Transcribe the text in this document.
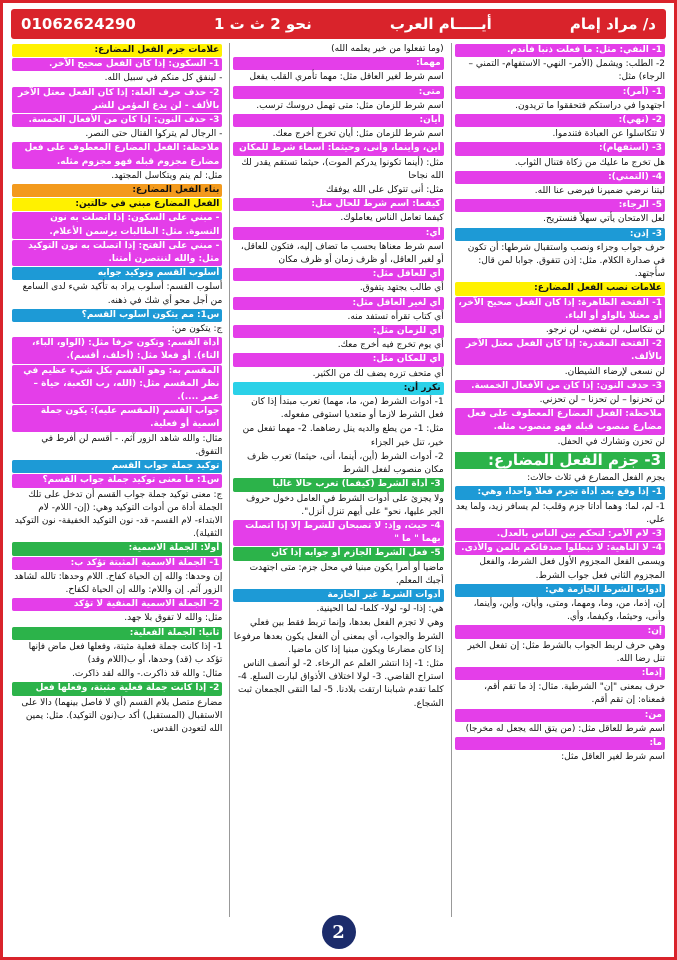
د/ مراد إمام
أيـــــام العرب
نحو 2 ث ت 1
01062624290
1- النفي: مثل: ما فعلت ذنبا فأندم.
2- الطلب: ويشمل (الأمر- النهي- الاستفهام- التمني – الرجاء) مثل:
1- (أمر):
اجتهدوا في دراستكم فتحققوا ما تريدون.
2- (نهي):
لا تتكاسلوا عن العبادة فتندموا.
3- (استفهام):
هل تخرج ما عليك من زكاة فتنال الثواب.
4- (التمني):
ليتنا نرضي ضميرنا فيرضى عنا الله.
5- الرجاء:
لعل الامتحان يأتي سهلاً فنستريح.
3- إذن:
حرف جواب وجزاء ونصب واستقبال شرطها: أن تكون في صدارة الكلام. مثل: إذن تتفوق. جوابا لمن قال: سأجتهد.
علامات نصب الفعل المضارع:
1- الفتحة الظاهرة: إذا كان الفعل صحيح الآخر، أو معتلا بالواو أو الياء.
لن نتكاسل، لن نقضي، لن نرجو.
2- الفتحة المقدرة: إذا كان الفعل معتل الآخر بالألف.
لن نسعى لإرضاء الشيطان.
3- حذف النون: إذا كان من الأفعال الخمسة.
لن تحزنوا – لن تحزنا – لن تحزني.
ملاحظة: الفعل المضارع المعطوف على فعل مضارع منصوب قبله فهو منصوب مثله.
لن تحزن وتشارك في الحفل.
3- جزم الفعل المضارع:
يجزم الفعل المضارع في ثلاث حالات:
1- إذا وقع بعد أداة تجزم فعلا واحدا، وهي:
1- لم، لما: وهما أداتا جزم وقلب: لم يسافر زيد، ولما يعد علي.
3- لام الأمر: لتحكم بين الناس بالعدل.
4- لا الناهية: لا تبطلوا صدقاتكم بالمن والأذى.
ويسمى الفعل المجزوم الأول فعل الشرط، والفعل المجزوم الثاني فعل جواب الشرط.
أدوات الشرط الجازمة هي:
إن، إذما، من، وما، ومهما، ومتى، وأيان، وأين، وأينما، وأنى، وحيثما، وكيفما، وأي.
إن:
وهي حرف لربط الجواب بالشرط مثل: إن تفعل الخير تنل رضا الله.
إذما:
حرف بمعنى "إن" الشرطية. مثال: إذ ما تقم أقم، فمعناه: إن تقم أقم.
من:
اسم شرط للعاقل مثل: (من يتق الله يجعل له مخرجا)
ما:
اسم شرط لغير العاقل مثل:
(وما تفعلوا من خير يعلمه الله)
مهما:
اسم شرط لغير العاقل مثل: مهما تأمري القلب يفعل
متى:
اسم شرط للزمان مثل: متى تهمل دروسك ترسب.
أيان:
اسم شرط للزمان مثل: أيان تخرج أخرج معك.
أين، وأينما، وأنى، وحيثما: أسماء شرط للمكان
مثل: (أينما تكونوا يدركم الموت)، حيثما تستقم يقدر لك الله نجاحا
مثل: أنى تتوكل على الله يوفقك
كيفما: اسم شرط للحال مثل:
كيفما تعامل الناس يعاملوك.
أي:
اسم شرط معناها بحسب ما تضاف إليه، فتكون للعاقل، أو لغير العاقل، أو ظرف زمان أو ظرف مكان
أي للعاقل مثل:
أي طالب يجتهد يتفوق.
أي لغير العاقل مثل:
أي كتاب تقرأه تستفد منه.
أي للزمان مثل:
أي يوم تخرج فيه أخرج معك.
أي للمكان مثل:
أي متحف تزره يضف لك من الكثير.
نكرر أن:
1- أدوات الشرط (من، ما، مهما) تعرب مبتدأ إذا كان فعل الشرط لازما أو متعديا استوفى مفعوله.
مثل: 1- من يطع والديه ينل رضاهما. 2- مهما تفعل من خير، تنل خير الجزاء
2- أدوات الشرط (أين، أينما، أنى، حيثما) تعرب ظرف مكان منصوب لفعل الشرط
3- أداة الشرط (كيفما) تعرب حالا غالبا
ولا يجزئ على أدوات الشرط في العامل دخول حروف الجر عليها، نحو" على أيهم تنزل أنزل".
4- حيث، وإذ: لا تصبحان للشرط إلا إذا اتصلت بهما " ما "
5- فعل الشرط الجازم أو جوابه إذا كان
ماضيا أو أمرا يكون مبنيا في محل جزم: متى اجتهدت أجبك المعلم.
أدوات الشرط غير الجازمة
هي: إذا- لو- لولا- كلما- لما الحينية.
وهي لا تجزم الفعل بعدها، وإنما تربط فقط بين فعلي الشرط والجواب، أي بمعنى أن الفعل يكون بعدها مرفوعا إذا كان مضارعا ويكون مبنيا إذا كان ماضيا.
مثل: 1- إذا انتشر العلم عم الرخاء. 2- لو أنصف الناس استراح القاضي. 3- لولا اختلاف الأذواق لبارت السلع. 4- كلما تقدم شبابنا ارتقت بلادنا. 5- لما التقى الجمعان ثبت الشجاع.
علامات جزم الفعل المضارع:
1- السكون: إذا كان الفعل صحيح الآخر.
- لينفق كل منكم في سبيل الله.
2- حذف حرف العلة: إذا كان الفعل معتل الآخر بالألف - لن يدع المؤمن للشر
3- حذف النون: إذا كان من الأفعال الخمسة.
- الرجال لم يتركوا القتال حتى النصر.
ملاحظة: الفعل المضارع المعطوف على فعل مضارع مجزوم قبله فهو مجزوم مثله.
مثل: لم ينم ويتكاسل المجتهد.
بناء الفعل المضارع:
الفعل المضارع مبني في حالتين:
- مبني على السكون: إذا اتصلت به نون النسوة. مثل: الطالبات يرسمن الأعلام.
- مبني على الفتح: إذا اتصلت به نون التوكيد مثل: والله لننتصرن أمتنا.
أسلوب القسم وتوكيد جوابه
أسلوب القسم: أسلوب يراد به تأكيد شيء لدى السامع من أجل محو أي شك في ذهنه.
س1: مم يتكون أسلوب القسم؟
ج: يتكون من:
أداة القسم: وتكون حرفا مثل: (الواو، الباء، التاء). أو فعلا مثل: (أحلف، أقسم).
المقسم به: وهو القسم بكل شيء عظيم في نظر المقسم مثل: (الله، رب الكعبة، حياة – عمر ....).
جواب القسم (المقسم عليه): يكون جملة اسمية أو فعلية.
مثال: والله شاهد الزور آثم. - أقسم لن أفرط في التفوق.
توكيد جملة جواب القسم
س1: ما معنى توكيد جملة جواب القسم؟
ج: معنى توكيد جملة جواب القسم أن تدخل على تلك الجملة أداة من أدوات التوكيد وهي: (إن- اللام- لام الابتداء- لام القسم- قد- نون التوكيد الخفيفة- نون التوكيد الثقيلة).
أولا: الجملة الاسمية:
1- الجملة الاسمية المثبتة تؤكد ب:
إن وحدها: والله إن الحياة كفاح. اللام وحدها: تالله لشاهد الزور آثم. إن واللام: والله إن الحياة لكفاح.
2- الجملة الاسمية المنفية لا تؤكد
مثل: والله لا تفوق بلا جهد.
ثانيا: الجملة الفعلية:
1- إذا كانت جملة فعلية مثبتة، وفعلها فعل ماض فإنها تؤكد ب (قد) وحدها، أو ب(اللام وقد)
مثال: والله قد ذاكرت.- والله لقد ذاكرت.
2- إذا كانت جملة فعلية مثبتة، وفعلها فعل
مضارع متصل بلام القسم (أي لا فاصل بينهما) دالا على الاستقبال (المستقبل) أكد ب(نون التوكيد). مثل: يمين الله لتعودن القدس.
2
